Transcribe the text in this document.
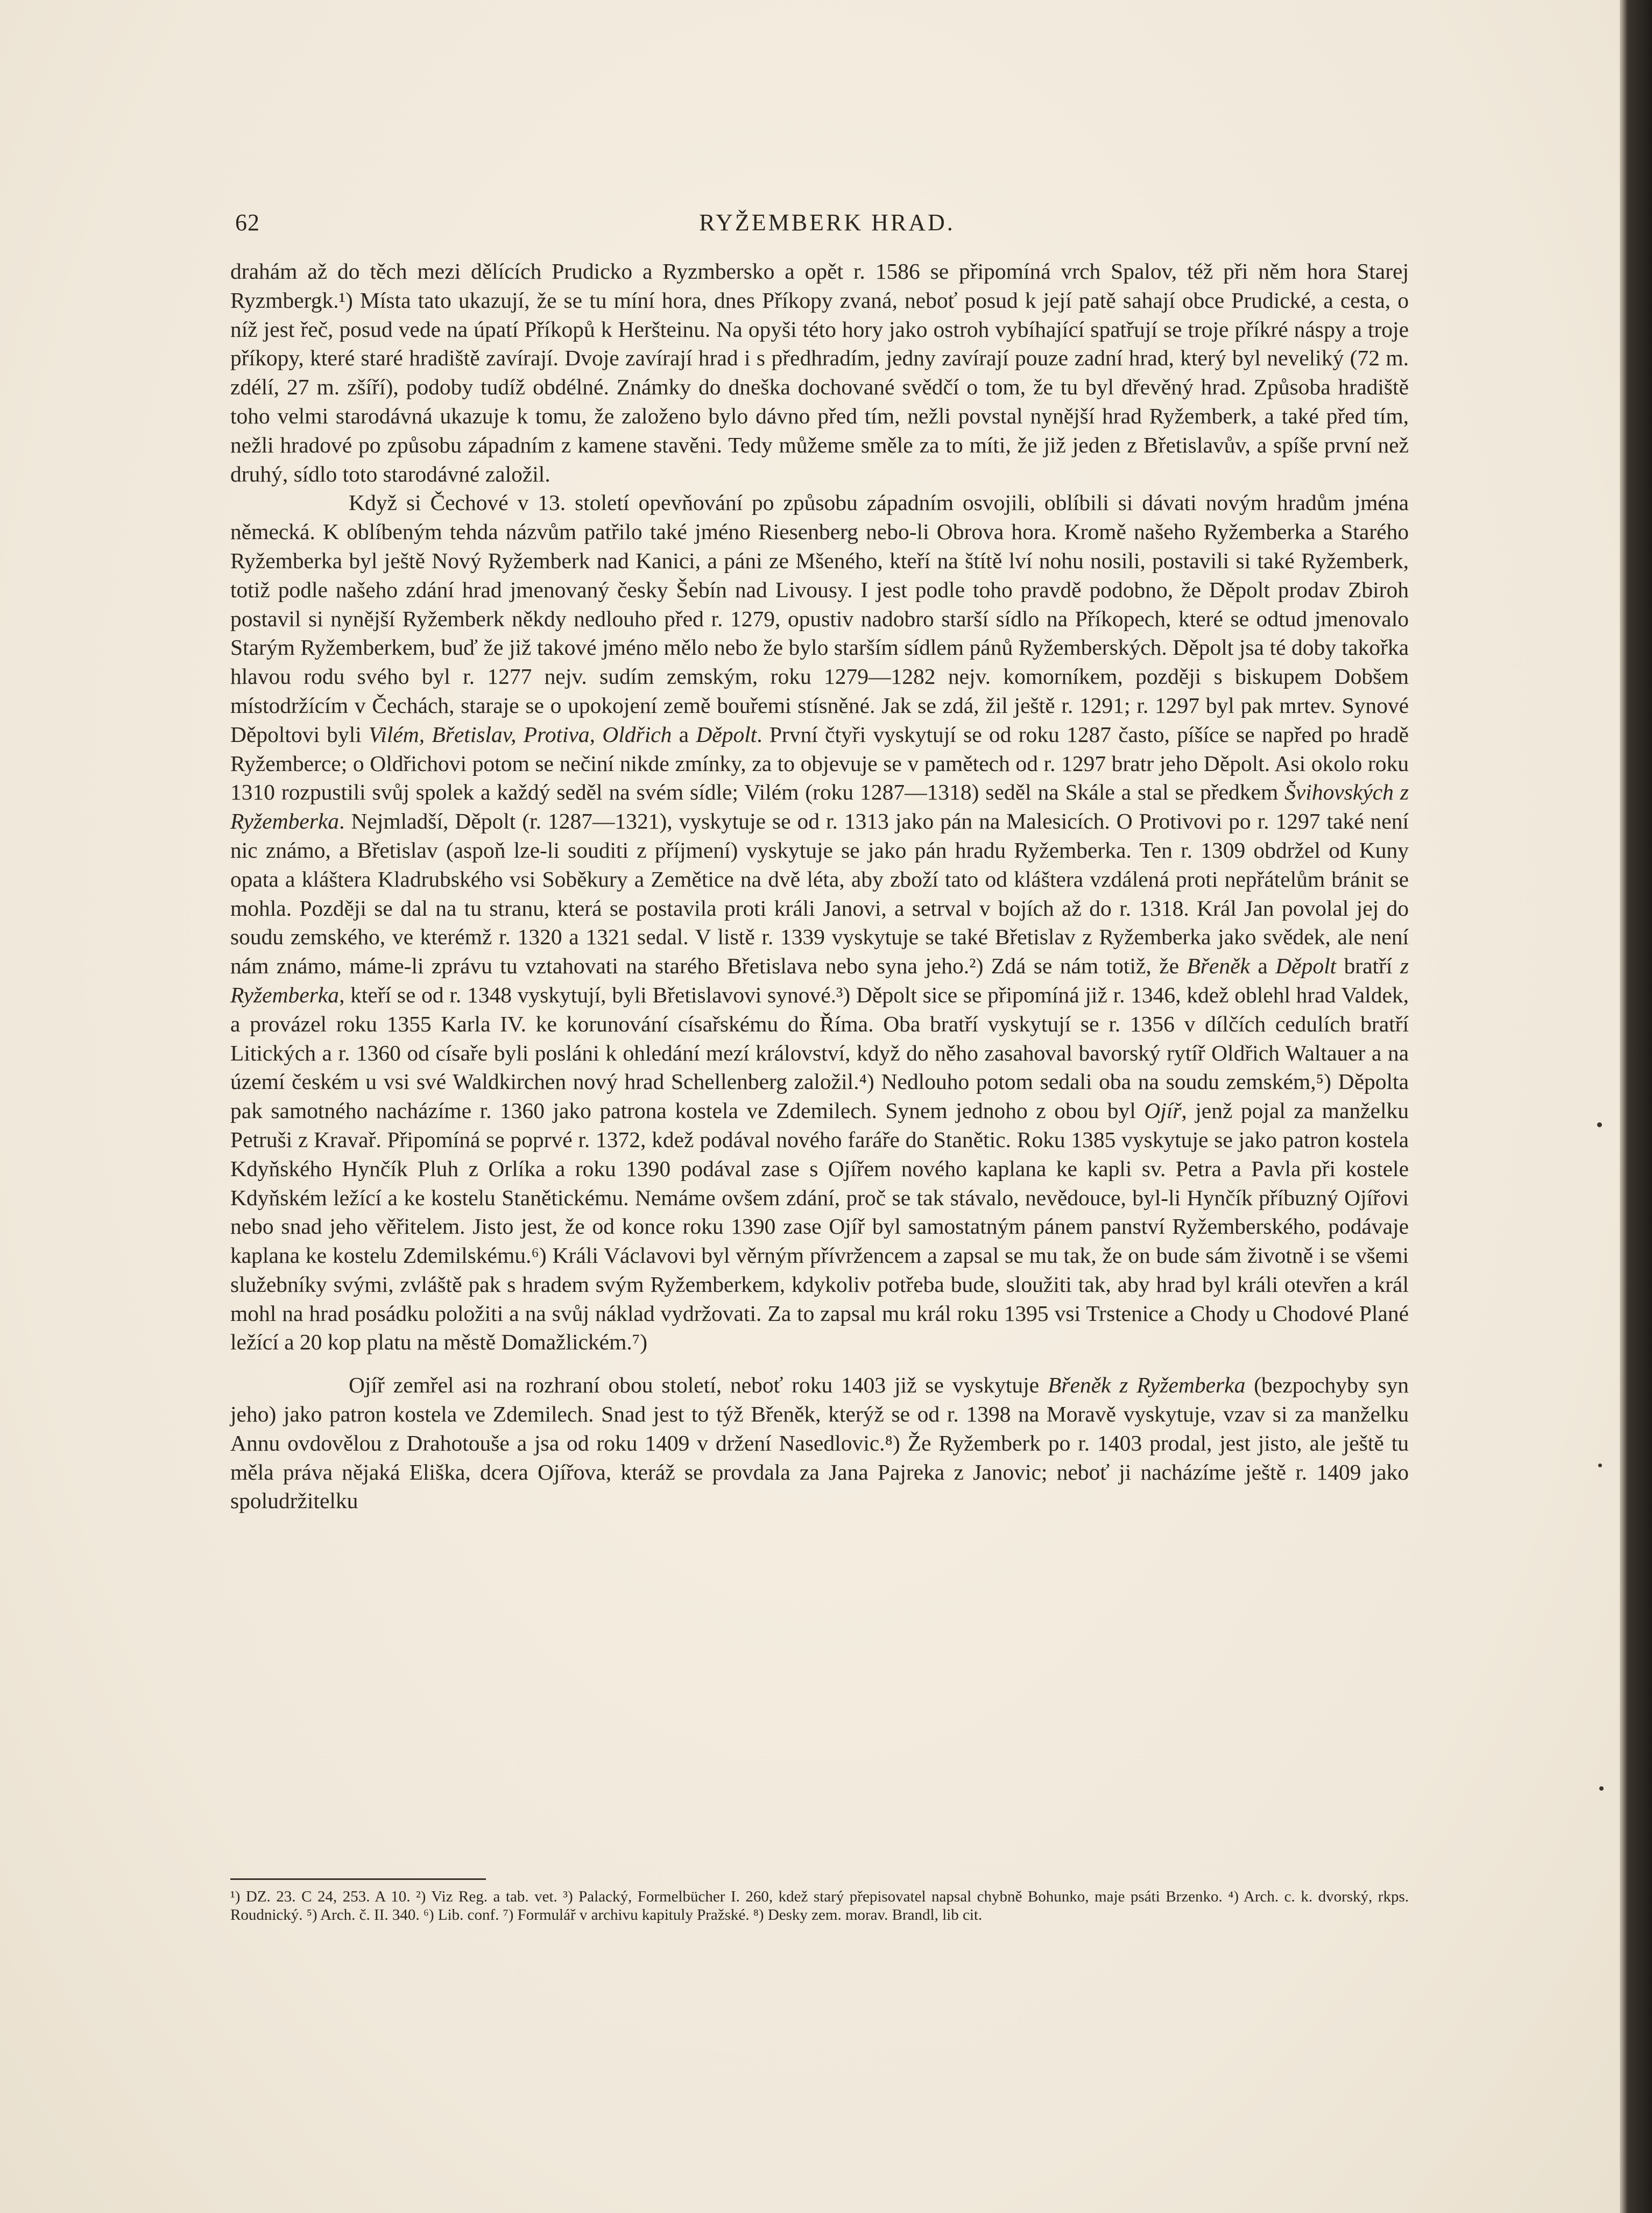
62	RYŽEMBERK HRAD.

drahám až do těch mezi dělících Prudicko a Ryzmbersko a opět r. 1586 se připomíná vrch Spalov, též při něm hora Starej Ryzmbergk.¹) Místa tato ukazují, že se tu míní hora, dnes Příkopy zvaná, neboť posud k její patě sahají obce Prudické, a cesta, o níž jest řeč, posud vede na úpatí Příkopů k Heršteinu. Na opyši této hory jako ostroh vybíhající spatřují se troje příkré náspy a troje příkopy, které staré hradiště zavírají. Dvoje zavírají hrad i s předhradím, jedny zavírají pouze zadní hrad, který byl neveliký (72 m. zdélí, 27 m. zšíří), podoby tudíž obdélné. Známky do dneška dochované svědčí o tom, že tu byl dřevěný hrad. Způsoba hradiště toho velmi starodávná ukazuje k tomu, že založeno bylo dávno před tím, nežli povstal nynější hrad Ryžemberk, a také před tím, nežli hradové po způsobu západním z kamene stavěni. Tedy můžeme směle za to míti, že již jeden z Břetislavův, a spíše první než druhý, sídlo toto starodávné založil.

Když si Čechové v 13. století opevňování po způsobu západním osvojili, oblíbili si dávati novým hradům jména německá. K oblíbeným tehda názvům patřilo také jméno Riesenberg nebo-li Obrova hora. Kromě našeho Ryžemberka a Starého Ryžemberka byl ještě Nový Ryžemberk nad Kanici, a páni ze Mšeného, kteří na štítě lví nohu nosili, postavili si také Ryžemberk, totiž podle našeho zdání hrad jmenovaný česky Šebín nad Livousy. I jest podle toho pravdě podobno, že Děpolt prodav Zbiroh postavil si nynější Ryžemberk někdy nedlouho před r. 1279, opustiv nadobro starší sídlo na Příkopech, které se odtud jmenovalo Starým Ryžemberkem, buď že již takové jméno mělo nebo že bylo starším sídlem pánů Ryžemberských. Děpolt jsa té doby takořka hlavou rodu svého byl r. 1277 nejv. sudím zemským, roku 1279—1282 nejv. komorníkem, později s biskupem Dobšem místodržícím v Čechách, staraje se o upokojení země bouřemi stísněné. Jak se zdá, žil ještě r. 1291; r. 1297 byl pak mrtev. Synové Děpoltovi byli Vilém, Břetislav, Protiva, Oldřich a Děpolt. První čtyři vyskytují se od roku 1287 často, píšíce se napřed po hradě Ryžemberce; o Oldřichovi potom se nečiní nikde zmínky, za to objevuje se v pamětech od r. 1297 bratr jeho Děpolt. Asi okolo roku 1310 rozpustili svůj spolek a každý seděl na svém sídle; Vilém (roku 1287—1318) seděl na Skále a stal se předkem Švihovských z Ryžemberka. Nejmladší, Děpolt (r. 1287—1321), vyskytuje se od r. 1313 jako pán na Malesicích. O Protivovi po r. 1297 také není nic známo, a Břetislav (aspoň lze-li souditi z příjmení) vyskytuje se jako pán hradu Ryžemberka. Ten r. 1309 obdržel od Kuny opata a kláštera Kladrubského vsi Soběkury a Zemětice na dvě léta, aby zboží tato od kláštera vzdálená proti nepřátelům bránit se mohla. Později se dal na tu stranu, která se postavila proti králi Janovi, a setrval v bojích až do r. 1318. Král Jan povolal jej do soudu zemského, ve kterémž r. 1320 a 1321 sedal. V listě r. 1339 vyskytuje se také Břetislav z Ryžemberka jako svědek, ale není nám známo, máme-li zprávu tu vztahovati na starého Břetislava nebo syna jeho.²) Zdá se nám totiž, že Břeněk a Děpolt bratří z Ryžemberka, kteří se od r. 1348 vyskytují, byli Břetislavovi synové.³) Děpolt sice se připomíná již r. 1346, kdež oblehl hrad Valdek, a provázel roku 1355 Karla IV. ke korunování císařskému do Říma. Oba bratří vyskytují se r. 1356 v dílčích cedulích bratří Litických a r. 1360 od císaře byli posláni k ohledání mezí království, když do něho zasahoval bavorský rytíř Oldřich Waltauer a na území českém u vsi své Waldkirchen nový hrad Schellenberg založil.⁴) Nedlouho potom sedali oba na soudu zemském,⁵) Děpolta pak samotného nacházíme r. 1360 jako patrona kostela ve Zdemilech. Synem jednoho z obou byl Ojíř, jenž pojal za manželku Petruši z Kravař. Připomíná se poprvé r. 1372, kdež podával nového faráře do Stanětic. Roku 1385 vyskytuje se jako patron kostela Kdyňského Hynčík Pluh z Orlíka a roku 1390 podával zase s Ojířem nového kaplana ke kapli sv. Petra a Pavla při kostele Kdyňském ležící a ke kostelu Stanětickému. Nemáme ovšem zdání, proč se tak stávalo, nevědouce, byl-li Hynčík příbuzný Ojířovi nebo snad jeho věřitelem. Jisto jest, že od konce roku 1390 zase Ojíř byl samostatným pánem panství Ryžemberského, podávaje kaplana ke kostelu Zdemilskému.⁶) Králi Václavovi byl věrným přívržencem a zapsal se mu tak, že on bude sám životně i se všemi služebníky svými, zvláště pak s hradem svým Ryžemberkem, kdykoliv potřeba bude, sloužiti tak, aby hrad byl králi otevřen a král mohl na hrad posádku položiti a na svůj náklad vydržovati. Za to zapsal mu král roku 1395 vsi Trstenice a Chody u Chodové Plané ležící a 20 kop platu na městě Domažlickém.⁷)

Ojíř zemřel asi na rozhraní obou století, neboť roku 1403 již se vyskytuje Břeněk z Ryžemberka (bezpochyby syn jeho) jako patron kostela ve Zdemilech. Snad jest to týž Břeněk, kterýž se od r. 1398 na Moravě vyskytuje, vzav si za manželku Annu ovdovělou z Drahotouše a jsa od roku 1409 v držení Nasedlovic.⁸) Že Ryžemberk po r. 1403 prodal, jest jisto, ale ještě tu měla práva nějaká Eliška, dcera Ojířova, kteráž se provdala za Jana Pajreka z Janovic; neboť ji nacházíme ještě r. 1409 jako spoludržitelku

¹) DZ. 23. C 24, 253. A 10. ²) Viz Reg. a tab. vet. ³) Palacký, Formelbücher I. 260, kdež starý přepisovatel napsal chybně Bohunko, maje psáti Brzenko. ⁴) Arch. c. k. dvorský, rkps. Roudnický. ⁵) Arch. č. II. 340. ⁶) Lib. conf. ⁷) Formulář v archivu kapituly Pražské. ⁸) Desky zem. morav. Brandl, lib cit.
